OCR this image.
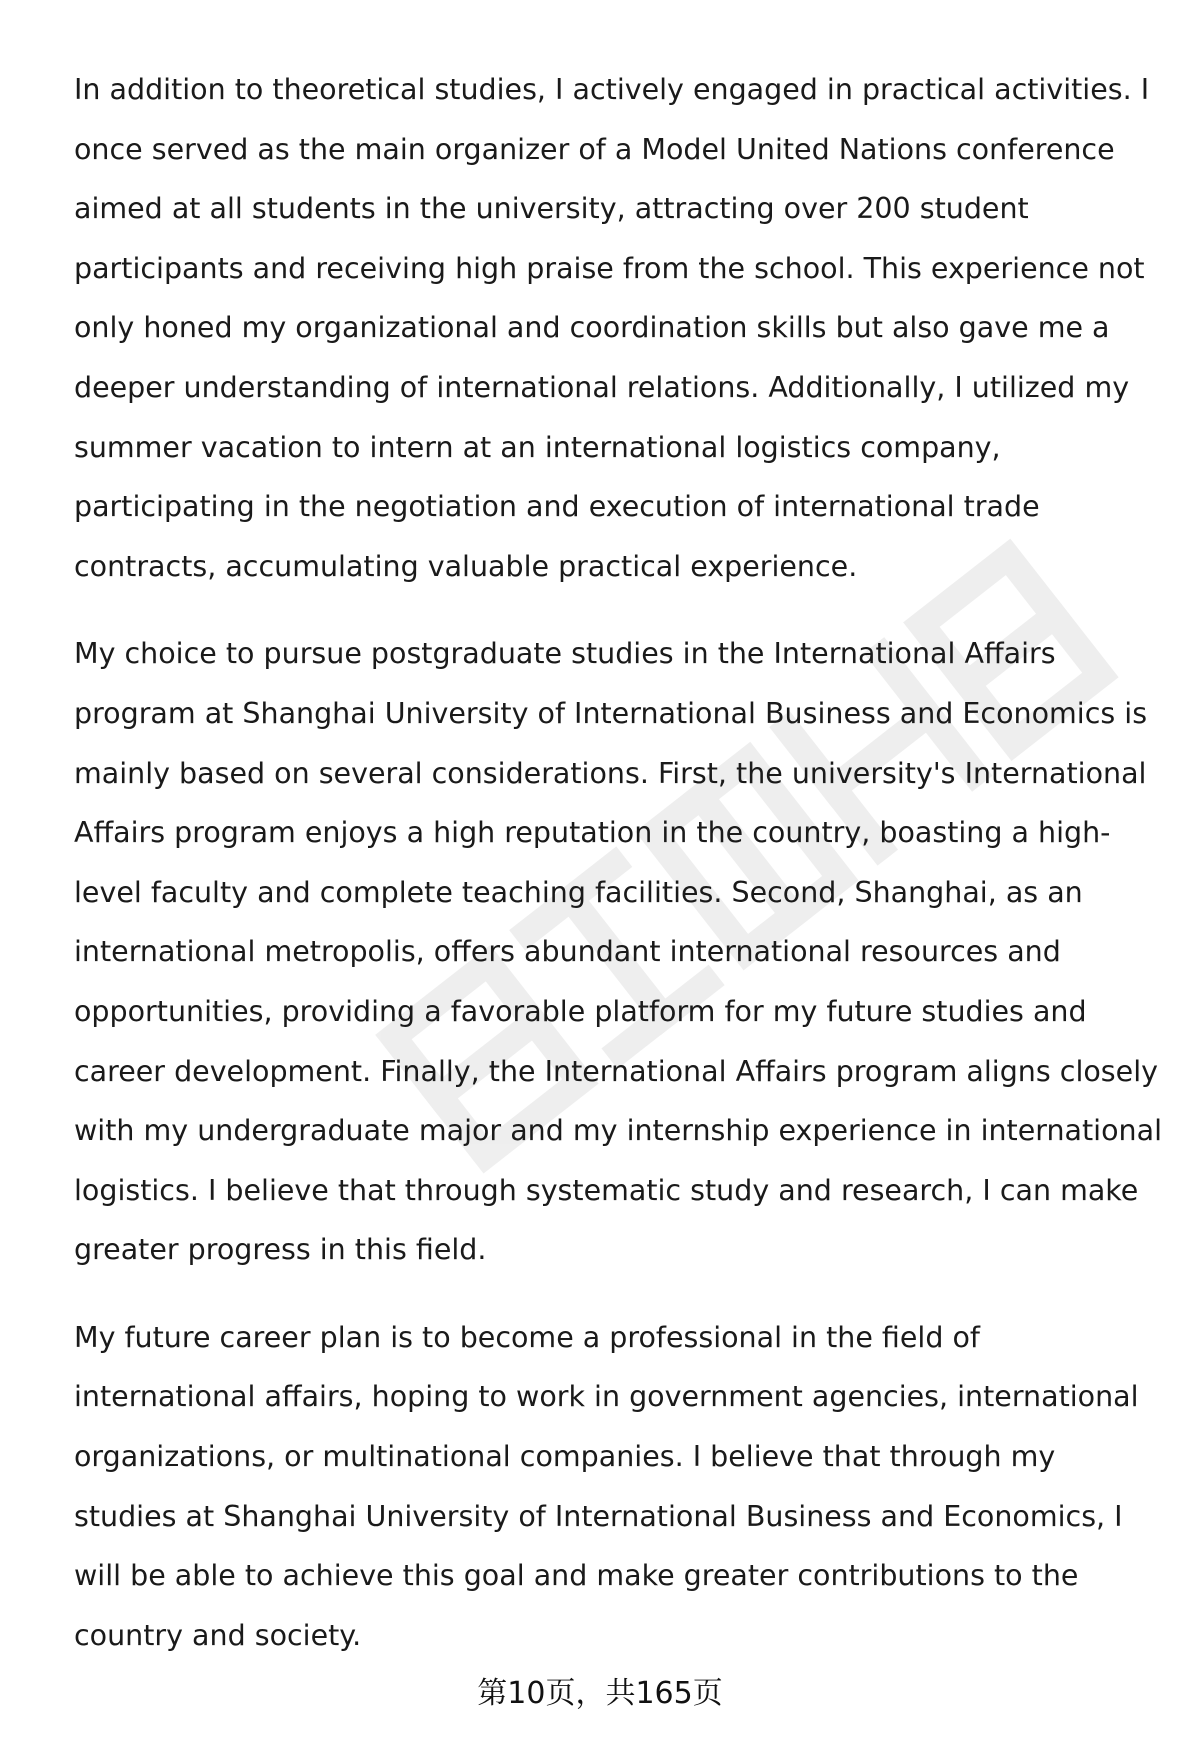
In addition to theoretical studies, I actively engaged in practical activities. I once served as the main organizer of a Model United Nations conference aimed at all students in the university, attracting over 200 student participants and receiving high praise from the school. This experience not only honed my organizational and coordination skills but also gave me a deeper understanding of international relations. Additionally, I utilized my summer vacation to intern at an international logistics company, participating in the negotiation and execution of international trade contracts, accumulating valuable practical experience.

My choice to pursue postgraduate studies in the International Affairs program at Shanghai University of International Business and Economics is mainly based on several considerations. First, the university's International Affairs program enjoys a high reputation in the country, boasting a high-level faculty and complete teaching facilities. Second, Shanghai, as an international metropolis, offers abundant international resources and opportunities, providing a favorable platform for my future studies and career development. Finally, the International Affairs program aligns closely with my undergraduate major and my internship experience in international logistics. I believe that through systematic study and research, I can make greater progress in this field.

My future career plan is to become a professional in the field of international affairs, hoping to work in government agencies, international organizations, or multinational companies. I believe that through my studies at Shanghai University of International Business and Economics, I will be able to achieve this goal and make greater contributions to the country and society.

第10页，共165页
